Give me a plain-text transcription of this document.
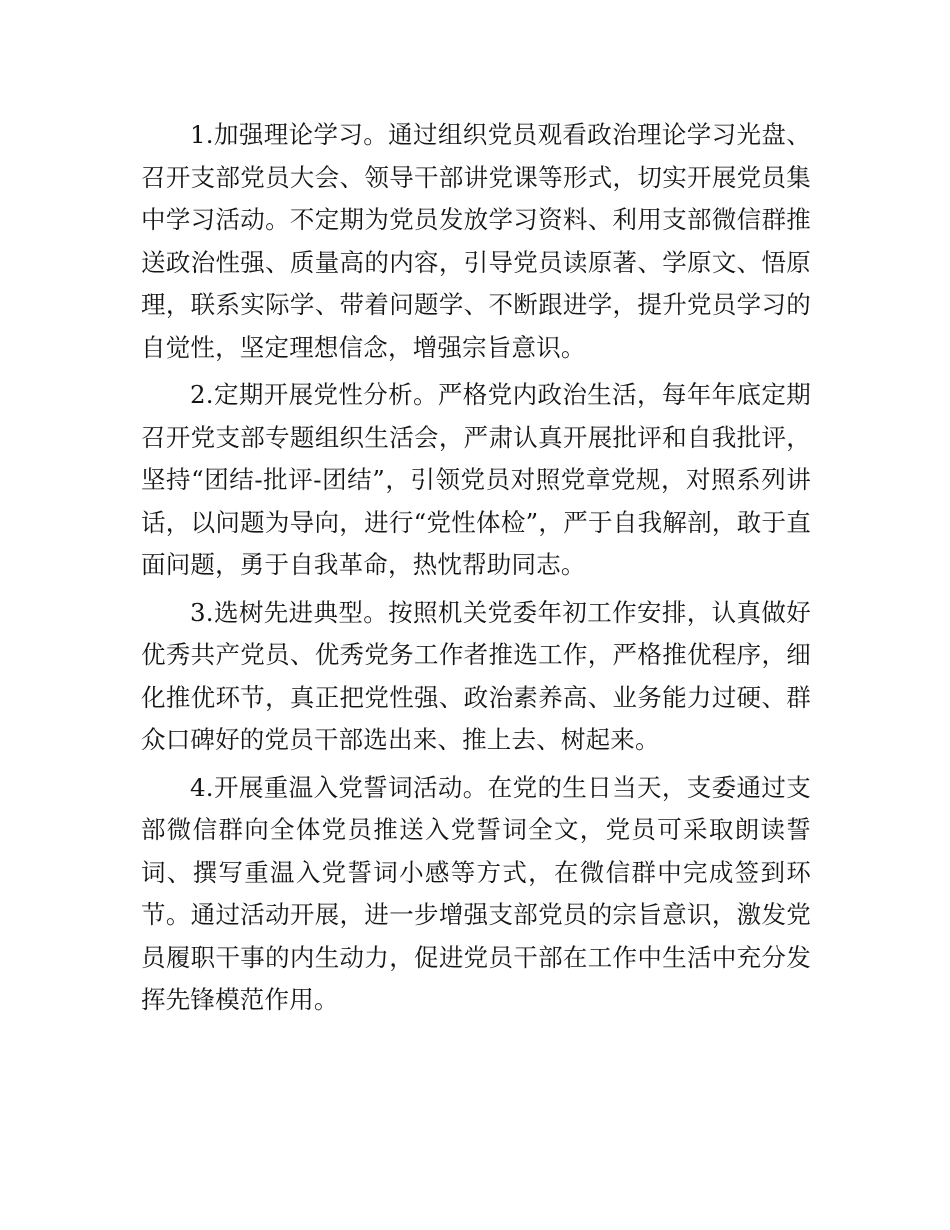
1.加强理论学习。通过组织党员观看政治理论学习光盘、召开支部党员大会、领导干部讲党课等形式，切实开展党员集中学习活动。不定期为党员发放学习资料、利用支部微信群推送政治性强、质量高的内容，引导党员读原著、学原文、悟原理，联系实际学、带着问题学、不断跟进学，提升党员学习的自觉性，坚定理想信念，增强宗旨意识。

2.定期开展党性分析。严格党内政治生活，每年年底定期召开党支部专题组织生活会，严肃认真开展批评和自我批评，坚持“团结-批评-团结”，引领党员对照党章党规，对照系列讲话，以问题为导向，进行“党性体检”，严于自我解剖，敢于直面问题，勇于自我革命，热忱帮助同志。

3.选树先进典型。按照机关党委年初工作安排，认真做好优秀共产党员、优秀党务工作者推选工作，严格推优程序，细化推优环节，真正把党性强、政治素养高、业务能力过硬、群众口碑好的党员干部选出来、推上去、树起来。

4.开展重温入党誓词活动。在党的生日当天，支委通过支部微信群向全体党员推送入党誓词全文，党员可采取朗读誓词、撰写重温入党誓词小感等方式，在微信群中完成签到环节。通过活动开展，进一步增强支部党员的宗旨意识，激发党员履职干事的内生动力，促进党员干部在工作中生活中充分发挥先锋模范作用。
